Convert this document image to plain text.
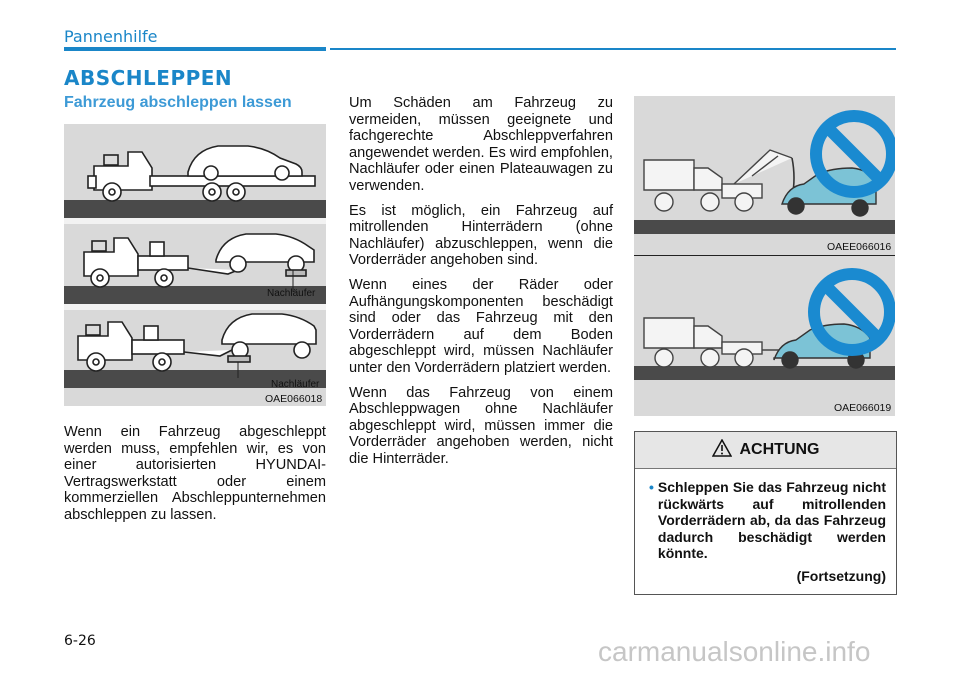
Pannenhilfe
ABSCHLEPPEN
Fahrzeug abschleppen lassen
Nachläufer
Nachläufer
OAE066018
Wenn ein Fahrzeug abgeschleppt werden muss, empfehlen wir, es von einer autorisierten HYUNDAI-Vertragswerkstatt oder einem kommerziellen Abschleppunternehmen abschleppen zu lassen.

Um Schäden am Fahrzeug zu vermeiden, müssen geeignete und fachgerechte Abschleppverfahren angewendet werden. Es wird empfohlen, Nachläufer oder einen Plateauwagen zu verwenden.

Es ist möglich, ein Fahrzeug auf mitrollenden Hinterrädern (ohne Nachläufer) abzuschleppen, wenn die Vorderräder angehoben sind.

Wenn eines der Räder oder Aufhängungskomponenten beschädigt sind oder das Fahrzeug mit den Vorderrädern auf dem Boden abgeschleppt wird, müssen Nachläufer unter den Vorderrädern platziert werden.

Wenn das Fahrzeug von einem Abschleppwagen ohne Nachläufer abgeschleppt wird, müssen immer die Vorderräder angehoben werden, nicht die Hinterräder.

OAEE066016
OAE066019
ACHTUNG
• Schleppen Sie das Fahrzeug nicht rückwärts auf mitrollenden Vorderrädern ab, da das Fahrzeug dadurch beschädigt werden könnte.
(Fortsetzung)
6-26	carmanualsonline.info
